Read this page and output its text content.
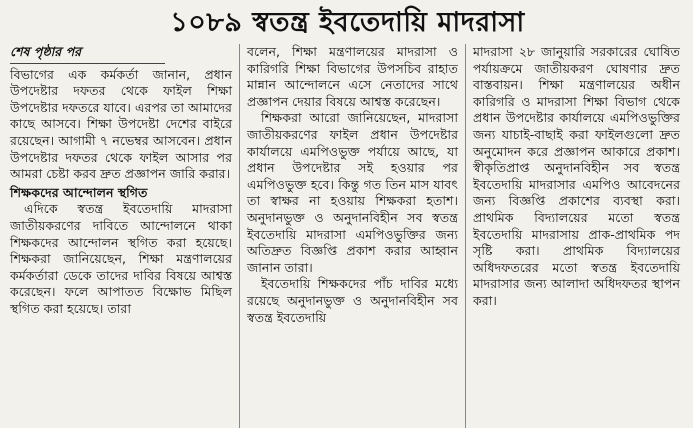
১০৮৯ স্বতন্ত্র ইবতেদায়ি মাদরাসা
শেষ পৃষ্ঠার পর

বিভাগের এক কর্মকর্তা জানান, প্রধান উপদেষ্টার দফতর থেকে ফাইল শিক্ষা উপদেষ্টার দফতরে যাবে। এরপর তা আমাদের কাছে আসবে। শিক্ষা উপদেষ্টা দেশের বাইরে রয়েছেন। আগামী ৭ নভেম্বর আসবেন। প্রধান উপদেষ্টার দফতর থেকে ফাইল আসার পর আমরা চেষ্টা করব দ্রুত প্রজ্ঞাপন জারি করার।

শিক্ষকদের আন্দোলন স্থগিত

এদিকে স্বতন্ত্র ইবতেদায়ি মাদরাসা জাতীয়করণের দাবিতে আন্দোলনে থাকা শিক্ষকদের আন্দোলন স্থগিত করা হয়েছে। শিক্ষকরা জানিয়েছেন, শিক্ষা মন্ত্রণালয়ের কর্মকর্তারা ডেকে তাদের দাবির বিষয়ে আশ্বস্ত করেছেন। ফলে আপাতত বিক্ষোভ মিছিল স্থগিত করা হয়েছে। তারা

বলেন, শিক্ষা মন্ত্রণালয়ের মাদরাসা ও কারিগরি শিক্ষা বিভাগের উপসচিব রাহাত মান্নান আন্দোলনে এসে নেতাদের সাথে প্রজ্ঞাপন দেয়ার বিষয়ে আশ্বস্ত করেছেন।

শিক্ষকরা আরো জানিয়েছেন, মাদরাসা জাতীয়করণের ফাইল প্রধান উপদেষ্টার কার্যালয়ে এমপিওভুক্ত পর্যায়ে আছে, যা প্রধান উপদেষ্টার সই হওয়ার পর এমপিওভুক্ত হবে। কিন্তু গত তিন মাস যাবৎ তা স্বাক্ষর না হওয়ায় শিক্ষকরা হতাশ। অনুদানভুক্ত ও অনুদানবিহীন সব স্বতন্ত্র ইবতেদায়ি মাদরাসা এমপিওভুক্তির জন্য অতিদ্রুত বিজ্ঞপ্তি প্রকাশ করার আহ্বান জানান তারা।

ইবতেদায়ি শিক্ষকদের পাঁচ দাবির মধ্যে রয়েছে অনুদানভুক্ত ও অনুদানবিহীন সব স্বতন্ত্র ইবতেদায়ি

মাদরাসা ২৮ জানুয়ারি সরকারের ঘোষিত পর্যায়ক্রমে জাতীয়করণ ঘোষণার দ্রুত বাস্তবায়ন। শিক্ষা মন্ত্রণালয়ের অধীন কারিগরি ও মাদরাসা শিক্ষা বিভাগ থেকে প্রধান উপদেষ্টার কার্যালয়ে এমপিওভুক্তির জন্য যাচাই-বাছাই করা ফাইলগুলো দ্রুত অনুমোদন করে প্রজ্ঞাপন আকারে প্রকাশ। স্বীকৃতিপ্রাপ্ত অনুদানবিহীন সব স্বতন্ত্র ইবতেদায়ি মাদরাসার এমপিও আবেদনের জন্য বিজ্ঞপ্তি প্রকাশের ব্যবস্থা করা। প্রাথমিক বিদ্যালয়ের মতো স্বতন্ত্র ইবতেদায়ি মাদরাসায় প্রাক-প্রাথমিক পদ সৃষ্টি করা। প্রাথমিক বিদ্যালয়ের অধিদফতরের মতো স্বতন্ত্র ইবতেদায়ি মাদরাসার জন্য আলাদা অধিদফতর স্থাপন করা।
